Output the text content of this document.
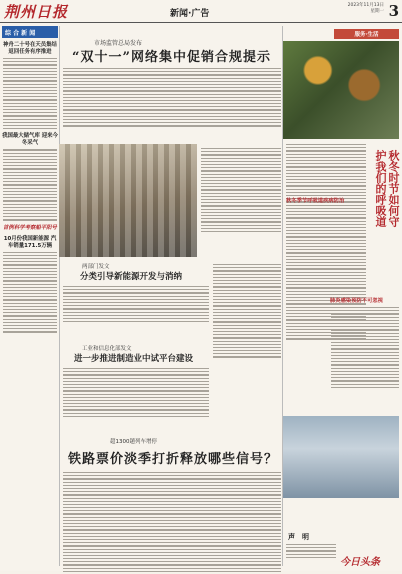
荆州日报	新闻·广告
2023年11月13日
星期一 3
综 合 新 闻
神舟二十号在天员集结 返回任务有序推进
我国最大储气库 迎来今冬采气
首例科学考察船平阳号
10月份我国新能源 汽车销量171.5万辆
市场监管总局发布
“双十一”网络集中促销合规提示
两部门发文
分类引导新能源开发与消纳
工业和信息化部发文
进一步推进制造业中试平台建设
超1300趟列车增停
铁路票价淡季打折释放哪些信号？
服务·生活
秋冬时节如何守护我们的呼吸道
秋冬季节呼吸道疾病防治
肺炎感染预防不可忽视
声　明
今日头条
